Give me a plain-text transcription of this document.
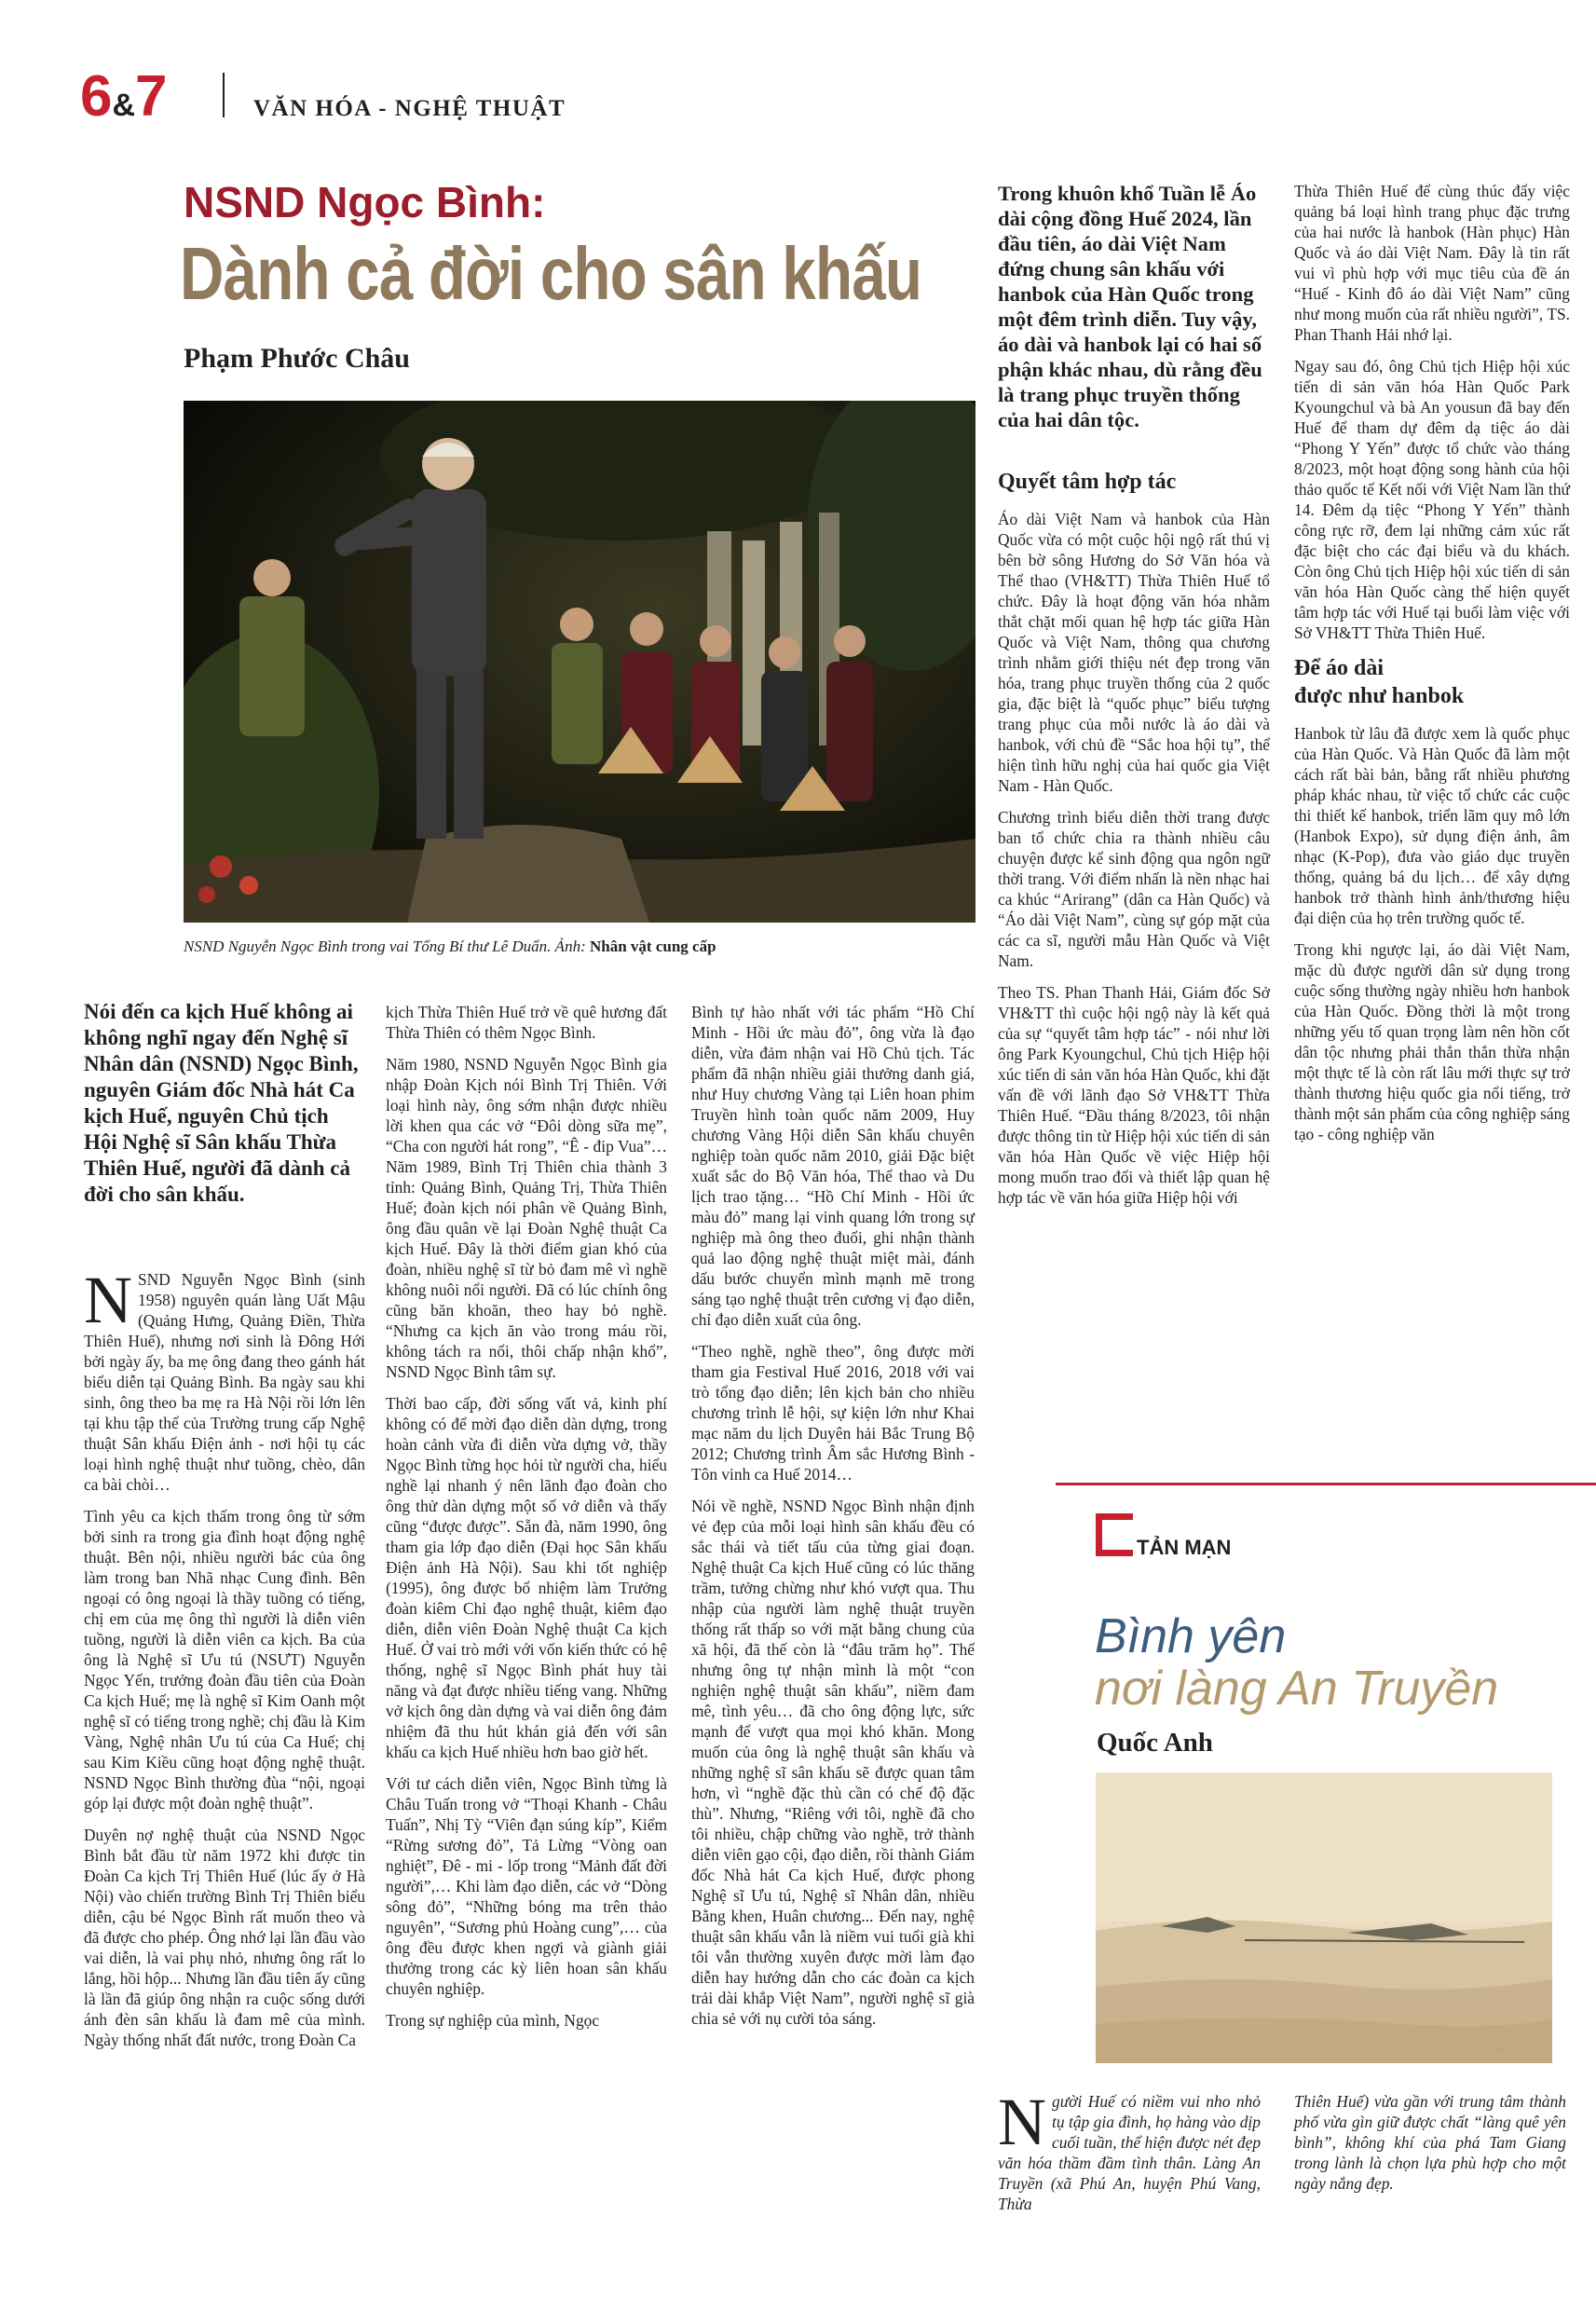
6&7	VĂN HÓA - NGHỆ THUẬT
NSND Ngọc Bình:
Dành cả đời cho sân khấu
Phạm Phước Châu
NSND Nguyễn Ngọc Bình trong vai Tổng Bí thư Lê Duẩn. Ảnh: Nhân vật cung cấp

Nói đến ca kịch Huế không ai không nghĩ ngay đến Nghệ sĩ Nhân dân (NSND) Ngọc Bình, nguyên Giám đốc Nhà hát Ca kịch Huế, nguyên Chủ tịch Hội Nghệ sĩ Sân khấu Thừa Thiên Huế, người đã dành cả đời cho sân khấu.

NSND Nguyễn Ngọc Bình (sinh 1958) nguyên quán làng Uất Mậu (Quảng Hưng, Quảng Điền, Thừa Thiên Huế), nhưng nơi sinh là Đông Hới bởi ngày ấy, ba mẹ ông đang theo gánh hát biểu diễn tại Quảng Bình. Ba ngày sau khi sinh, ông theo ba mẹ ra Hà Nội rồi lớn lên tại khu tập thể của Trường trung cấp Nghệ thuật Sân khấu Điện ảnh - nơi hội tụ các loại hình nghệ thuật như tuồng, chèo, dân ca bài chòi…

Tình yêu ca kịch thấm trong ông từ sớm bởi sinh ra trong gia đình hoạt động nghệ thuật. Bên nội, nhiều người bác của ông làm trong ban Nhã nhạc Cung đình. Bên ngoại có ông ngoại là thầy tuồng có tiếng, chị em của mẹ ông thì người là diễn viên tuồng, người là diễn viên ca kịch. Ba của ông là Nghệ sĩ Ưu tú (NSƯT) Nguyễn Ngọc Yến, trưởng đoàn đầu tiên của Đoàn Ca kịch Huế; mẹ là nghệ sĩ Kim Oanh một nghệ sĩ có tiếng trong nghề; chị đầu là Kim Vàng, Nghệ nhân Ưu tú của Ca Huế; chị sau Kim Kiều cũng hoạt động nghệ thuật. NSND Ngọc Bình thường đùa “nội, ngoại góp lại được một đoàn nghệ thuật”.

Duyên nợ nghệ thuật của NSND Ngọc Bình bắt đầu từ năm 1972 khi được tin Đoàn Ca kịch Trị Thiên Huế (lúc ấy ở Hà Nội) vào chiến trường Bình Trị Thiên biểu diễn, cậu bé Ngọc Bình rất muốn theo và đã được cho phép. Ông nhớ lại lần đầu vào vai diễn, là vai phụ nhỏ, nhưng ông rất lo lắng, hồi hộp... Nhưng lần đầu tiên ấy cũng là lần đã giúp ông nhận ra cuộc sống dưới ánh đèn sân khấu là đam mê của mình. Ngày thống nhất đất nước, trong Đoàn Ca

kịch Thừa Thiên Huế trở về quê hương đất Thừa Thiên có thêm Ngọc Bình.

Năm 1980, NSND Nguyễn Ngọc Bình gia nhập Đoàn Kịch nói Bình Trị Thiên. Với loại hình này, ông sớm nhận được nhiều lời khen qua các vở “Đôi dòng sữa mẹ”, “Cha con người hát rong”, “Ê - đip Vua”… Năm 1989, Bình Trị Thiên chia thành 3 tỉnh: Quảng Bình, Quảng Trị, Thừa Thiên Huế; đoàn kịch nói phân về Quảng Bình, ông đầu quân về lại Đoàn Nghệ thuật Ca kịch Huế. Đây là thời điểm gian khó của đoàn, nhiều nghệ sĩ từ bỏ đam mê vì nghề không nuôi nổi người. Đã có lúc chính ông cũng băn khoăn, theo hay bỏ nghề. “Nhưng ca kịch ăn vào trong máu rồi, không tách ra nổi, thôi chấp nhận khổ”, NSND Ngọc Bình tâm sự.

Thời bao cấp, đời sống vất vả, kinh phí không có để mời đạo diễn dàn dựng, trong hoàn cảnh vừa đi diễn vừa dựng vở, thầy Ngọc Bình từng học hỏi từ người cha, hiểu nghề lại nhanh ý nên lãnh đạo đoàn cho ông thử dàn dựng một số vở diễn và thấy cũng “được được”. Sẵn đà, năm 1990, ông tham gia lớp đạo diễn (Đại học Sân khấu Điện ảnh Hà Nội). Sau khi tốt nghiệp (1995), ông được bổ nhiệm làm Trưởng đoàn kiêm Chỉ đạo nghệ thuật, kiêm đạo diễn, diễn viên Đoàn Nghệ thuật Ca kịch Huế. Ở vai trò mới với vốn kiến thức có hệ thống, nghệ sĩ Ngọc Bình phát huy tài năng và đạt được nhiều tiếng vang. Những vở kịch ông dàn dựng và vai diễn ông đảm nhiệm đã thu hút khán giả đến với sân khấu ca kịch Huế nhiều hơn bao giờ hết.

Với tư cách diễn viên, Ngọc Bình từng là Châu Tuấn trong vở “Thoại Khanh - Châu Tuấn”, Nhị Tỳ “Viên đạn súng kíp”, Kiểm “Rừng sương đỏ”, Tả Lừng “Vòng oan nghiệt”, Đê - mi - lốp trong “Mảnh đất đời người”,… Khi làm đạo diễn, các vở “Dòng sông đỏ”, “Những bóng ma trên thảo nguyên”, “Sương phủ Hoàng cung”,… của ông đều được khen ngợi và giành giải thưởng trong các kỳ liên hoan sân khấu chuyên nghiệp.

Trong sự nghiệp của mình, Ngọc

Bình tự hào nhất với tác phẩm “Hồ Chí Minh - Hồi ức màu đỏ”, ông vừa là đạo diễn, vừa đảm nhận vai Hồ Chủ tịch. Tác phẩm đã nhận nhiều giải thưởng danh giá, như Huy chương Vàng tại Liên hoan phim Truyền hình toàn quốc năm 2009, Huy chương Vàng Hội diễn Sân khấu chuyên nghiệp toàn quốc năm 2010, giải Đặc biệt xuất sắc do Bộ Văn hóa, Thể thao và Du lịch trao tặng… “Hồ Chí Minh - Hồi ức màu đỏ” mang lại vinh quang lớn trong sự nghiệp mà ông theo đuổi, ghi nhận thành quả lao động nghệ thuật miệt mài, đánh dấu bước chuyển mình mạnh mẽ trong sáng tạo nghệ thuật trên cương vị đạo diễn, chỉ đạo diễn xuất của ông.

“Theo nghề, nghề theo”, ông được mời tham gia Festival Huế 2016, 2018 với vai trò tổng đạo diễn; lên kịch bản cho nhiều chương trình lễ hội, sự kiện lớn như Khai mạc năm du lịch Duyên hải Bắc Trung Bộ 2012; Chương trình Âm sắc Hương Bình - Tôn vinh ca Huế 2014…

Nói về nghề, NSND Ngọc Bình nhận định vẻ đẹp của mỗi loại hình sân khấu đều có sắc thái và tiết tấu của từng giai đoạn. Nghệ thuật Ca kịch Huế cũng có lúc thăng trầm, tưởng chừng như khó vượt qua. Thu nhập của người làm nghệ thuật truyền thống rất thấp so với mặt bằng chung của xã hội, đã thế còn là “đâu trăm họ”. Thế nhưng ông tự nhận mình là một “con nghiện nghệ thuật sân khấu”, niềm đam mê, tình yêu… đã cho ông động lực, sức mạnh để vượt qua mọi khó khăn. Mong muốn của ông là nghệ thuật sân khấu và những nghệ sĩ sân khấu sẽ được quan tâm hơn, vì “nghề đặc thù cần có chế độ đặc thù”. Nhưng, “Riêng với tôi, nghề đã cho tôi nhiều, chập chững vào nghề, trở thành diễn viên gạo cội, đạo diễn, rồi thành Giám đốc Nhà hát Ca kịch Huế, được phong Nghệ sĩ Ưu tú, Nghệ sĩ Nhân dân, nhiều Bằng khen, Huân chương... Đến nay, nghệ thuật sân khấu vẫn là niềm vui tuổi già khi tôi vẫn thường xuyên được mời làm đạo diễn hay hướng dẫn cho các đoàn ca kịch trải dài khắp Việt Nam”, người nghệ sĩ già chia sẻ với nụ cười tỏa sáng.

Trong khuôn khổ Tuần lễ Áo dài cộng đồng Huế 2024, lần đầu tiên, áo dài Việt Nam đứng chung sân khấu với hanbok của Hàn Quốc trong một đêm trình diễn. Tuy vậy, áo dài và hanbok lại có hai số phận khác nhau, dù rằng đều là trang phục truyền thống của hai dân tộc.

Quyết tâm hợp tác

Áo dài Việt Nam và hanbok của Hàn Quốc vừa có một cuộc hội ngộ rất thú vị bên bờ sông Hương do Sở Văn hóa và Thể thao (VH&TT) Thừa Thiên Huế tổ chức. Đây là hoạt động văn hóa nhằm thắt chặt mối quan hệ hợp tác giữa Hàn Quốc và Việt Nam, thông qua chương trình nhằm giới thiệu nét đẹp trong văn hóa, trang phục truyền thống của 2 quốc gia, đặc biệt là “quốc phục” biểu tượng trang phục của mỗi nước là áo dài và hanbok, với chủ đề “Sắc hoa hội tụ”, thể hiện tình hữu nghị của hai quốc gia Việt Nam - Hàn Quốc.

Chương trình biểu diễn thời trang được ban tổ chức chia ra thành nhiều câu chuyện được kể sinh động qua ngôn ngữ thời trang. Với điểm nhấn là nền nhạc hai ca khúc “Arirang” (dân ca Hàn Quốc) và “Áo dài Việt Nam”, cùng sự góp mặt của các ca sĩ, người mẫu Hàn Quốc và Việt Nam.

Theo TS. Phan Thanh Hải, Giám đốc Sở VH&TT thì cuộc hội ngộ này là kết quả của sự “quyết tâm hợp tác” - nói như lời ông Park Kyoungchul, Chủ tịch Hiệp hội xúc tiến di sản văn hóa Hàn Quốc, khi đặt vấn đề với lãnh đạo Sở VH&TT Thừa Thiên Huế. “Đầu tháng 8/2023, tôi nhận được thông tin từ Hiệp hội xúc tiến di sản văn hóa Hàn Quốc về việc Hiệp hội mong muốn trao đổi và thiết lập quan hệ hợp tác về văn hóa giữa Hiệp hội với

Thừa Thiên Huế để cùng thúc đẩy việc quảng bá loại hình trang phục đặc trưng của hai nước là hanbok (Hàn phục) Hàn Quốc và áo dài Việt Nam. Đây là tin rất vui vì phù hợp với mục tiêu của đề án “Huế - Kinh đô áo dài Việt Nam” cũng như mong muốn của rất nhiều người”, TS. Phan Thanh Hải nhớ lại.

Ngay sau đó, ông Chủ tịch Hiệp hội xúc tiến di sản văn hóa Hàn Quốc Park Kyoungchul và bà An yousun đã bay đến Huế để tham dự đêm dạ tiệc áo dài “Phong Y Yến” được tổ chức vào tháng 8/2023, một hoạt động song hành của hội thảo quốc tế Kết nối với Việt Nam lần thứ 14. Đêm dạ tiệc “Phong Y Yến” thành công rực rỡ, đem lại những cảm xúc rất đặc biệt cho các đại biểu và du khách. Còn ông Chủ tịch Hiệp hội xúc tiến di sản văn hóa Hàn Quốc càng thể hiện quyết tâm hợp tác với Huế tại buổi làm việc với Sở VH&TT Thừa Thiên Huế.

Để áo dài
được như hanbok

Hanbok từ lâu đã được xem là quốc phục của Hàn Quốc. Và Hàn Quốc đã làm một cách rất bài bản, bằng rất nhiều phương pháp khác nhau, từ việc tổ chức các cuộc thi thiết kế hanbok, triển lãm quy mô lớn (Hanbok Expo), sử dụng điện ảnh, âm nhạc (K-Pop), đưa vào giáo dục truyền thống, quảng bá du lịch… để xây dựng hanbok trở thành hình ảnh/thương hiệu đại diện của họ trên trường quốc tế.

Trong khi ngược lại, áo dài Việt Nam, mặc dù được người dân sử dụng trong cuộc sống thường ngày nhiều hơn hanbok của Hàn Quốc. Đồng thời là một trong những yếu tố quan trọng làm nên hồn cốt dân tộc nhưng phải thẳn thắn thừa nhận một thực tế là còn rất lâu mới thực sự trở thành thương hiệu quốc gia nổi tiếng, trở thành một sản phẩm của công nghiệp sáng tạo - công nghiệp văn

TẢN MẠN
Bình yên
nơi làng An Truyền
Quốc Anh
…

Người Huế có niềm vui nho nhỏ tụ tập gia đình, họ hàng vào dịp cuối tuần, thể hiện được nét đẹp văn hóa thầm đầm tình thân. Làng An Truyền (xã Phú An, huyện Phú Vang, Thừa

Thiên Huế) vừa gần với trung tâm thành phố vừa gìn giữ được chất “làng quê yên bình”, không khí của phá Tam Giang trong lành là chọn lựa phù hợp cho một ngày nắng đẹp.
